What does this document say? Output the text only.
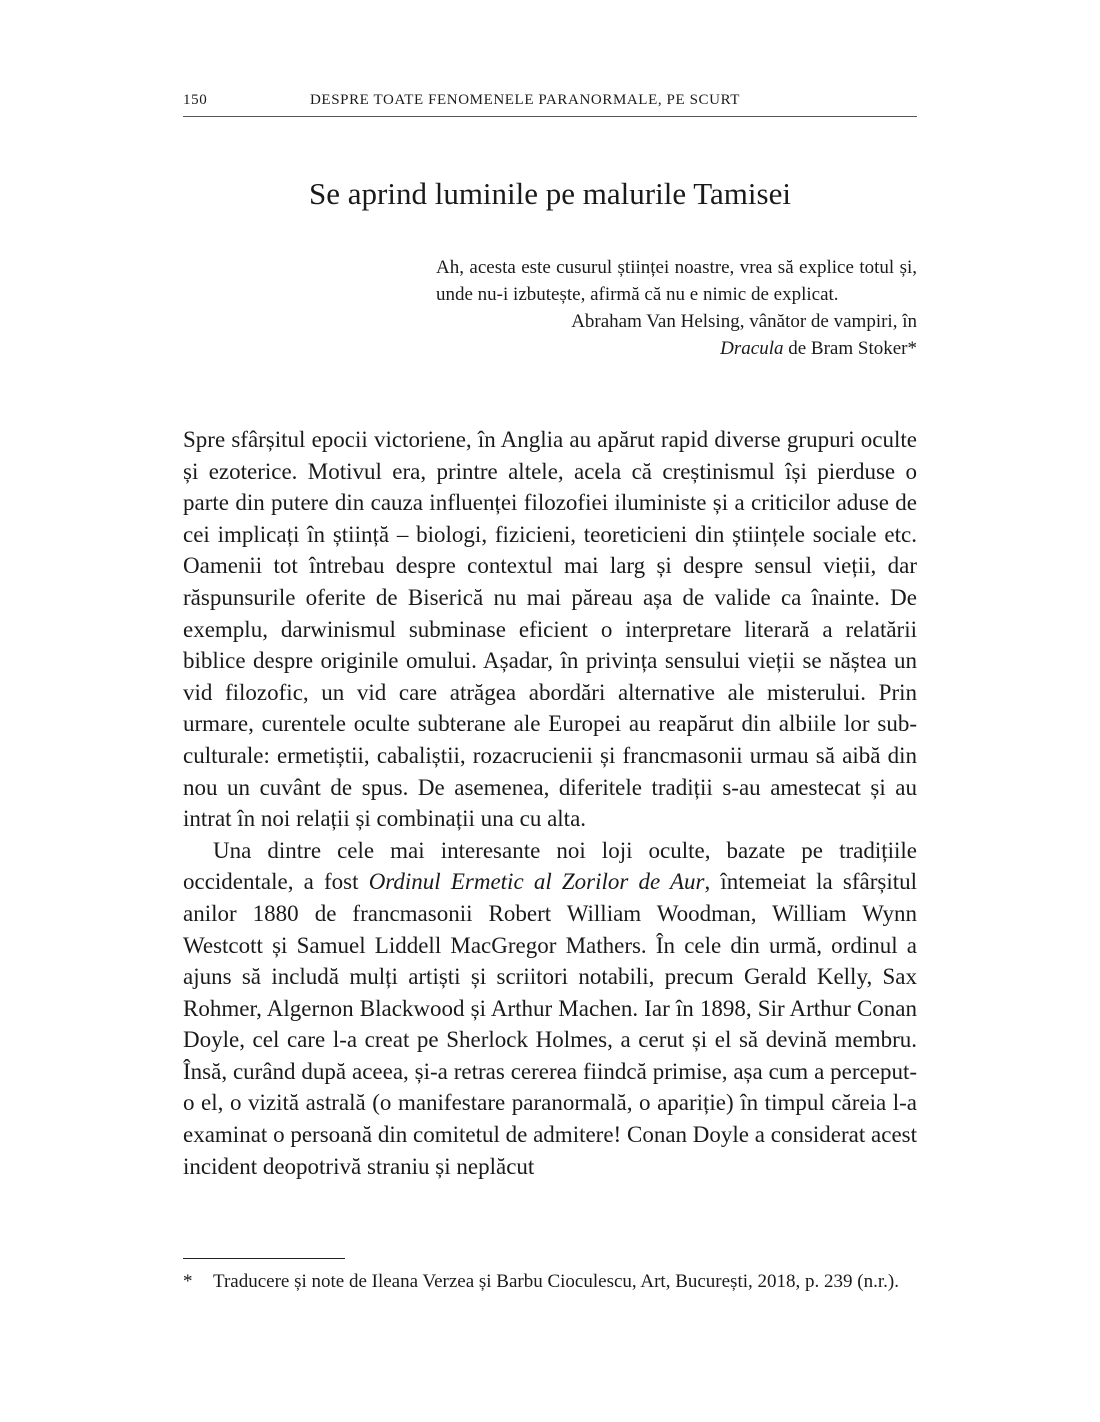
150	DESPRE TOATE FENOMENELE PARANORMALE, PE SCURT
Se aprind luminile pe malurile Tamisei

Ah, acesta este cusurul științei noastre, vrea să explice totul și, unde nu-i izbutește, afirmă că nu e nimic de explicat.

Abraham Van Helsing, vânător de vampiri, în

Dracula de Bram Stoker*

Spre sfârșitul epocii victoriene, în Anglia au apărut rapid diverse grupuri oculte și ezoterice. Motivul era, printre altele, acela că creștinismul își pierduse o parte din putere din cauza influenței filozofiei iluministe și a criticilor aduse de cei implicați în știință – biologi, fizicieni, teoreticieni din științele sociale etc. Oamenii tot întrebau despre contextul mai larg și despre sensul vieții, dar răspunsurile oferite de Biserică nu mai păreau așa de valide ca înainte. De exemplu, darwinismul subminase eficient o interpretare literară a relatării biblice despre originile omului. Așadar, în privința sensului vieții se năștea un vid filozofic, un vid care atrăgea abordări alternative ale misterului. Prin urmare, curentele oculte subterane ale Europei au reapărut din albiile lor subculturale: ermetiștii, cabaliștii, rozacrucienii și francmasonii urmau să aibă din nou un cuvânt de spus. De asemenea, diferitele tradiții s-au amestecat și au intrat în noi relații și combinații una cu alta.

Una dintre cele mai interesante noi loji oculte, bazate pe tradițiile occidentale, a fost Ordinul Ermetic al Zorilor de Aur, întemeiat la sfârșitul anilor 1880 de francmasonii Robert William Woodman, William Wynn Westcott și Samuel Liddell MacGregor Mathers. În cele din urmă, ordinul a ajuns să includă mulți artiști și scriitori notabili, precum Gerald Kelly, Sax Rohmer, Algernon Blackwood și Arthur Machen. Iar în 1898, Sir Arthur Conan Doyle, cel care l-a creat pe Sherlock Holmes, a cerut și el să devină membru. Însă, curând după aceea, și-a retras cererea fiindcă primise, așa cum a perceput-o el, o vizită astrală (o manifestare paranormală, o apariție) în timpul căreia l-a examinat o persoană din comitetul de admitere! Conan Doyle a considerat acest incident deopotrivă straniu și neplăcut

* Traducere și note de Ileana Verzea și Barbu Cioculescu, Art, București, 2018, p. 239 (n.r.).
